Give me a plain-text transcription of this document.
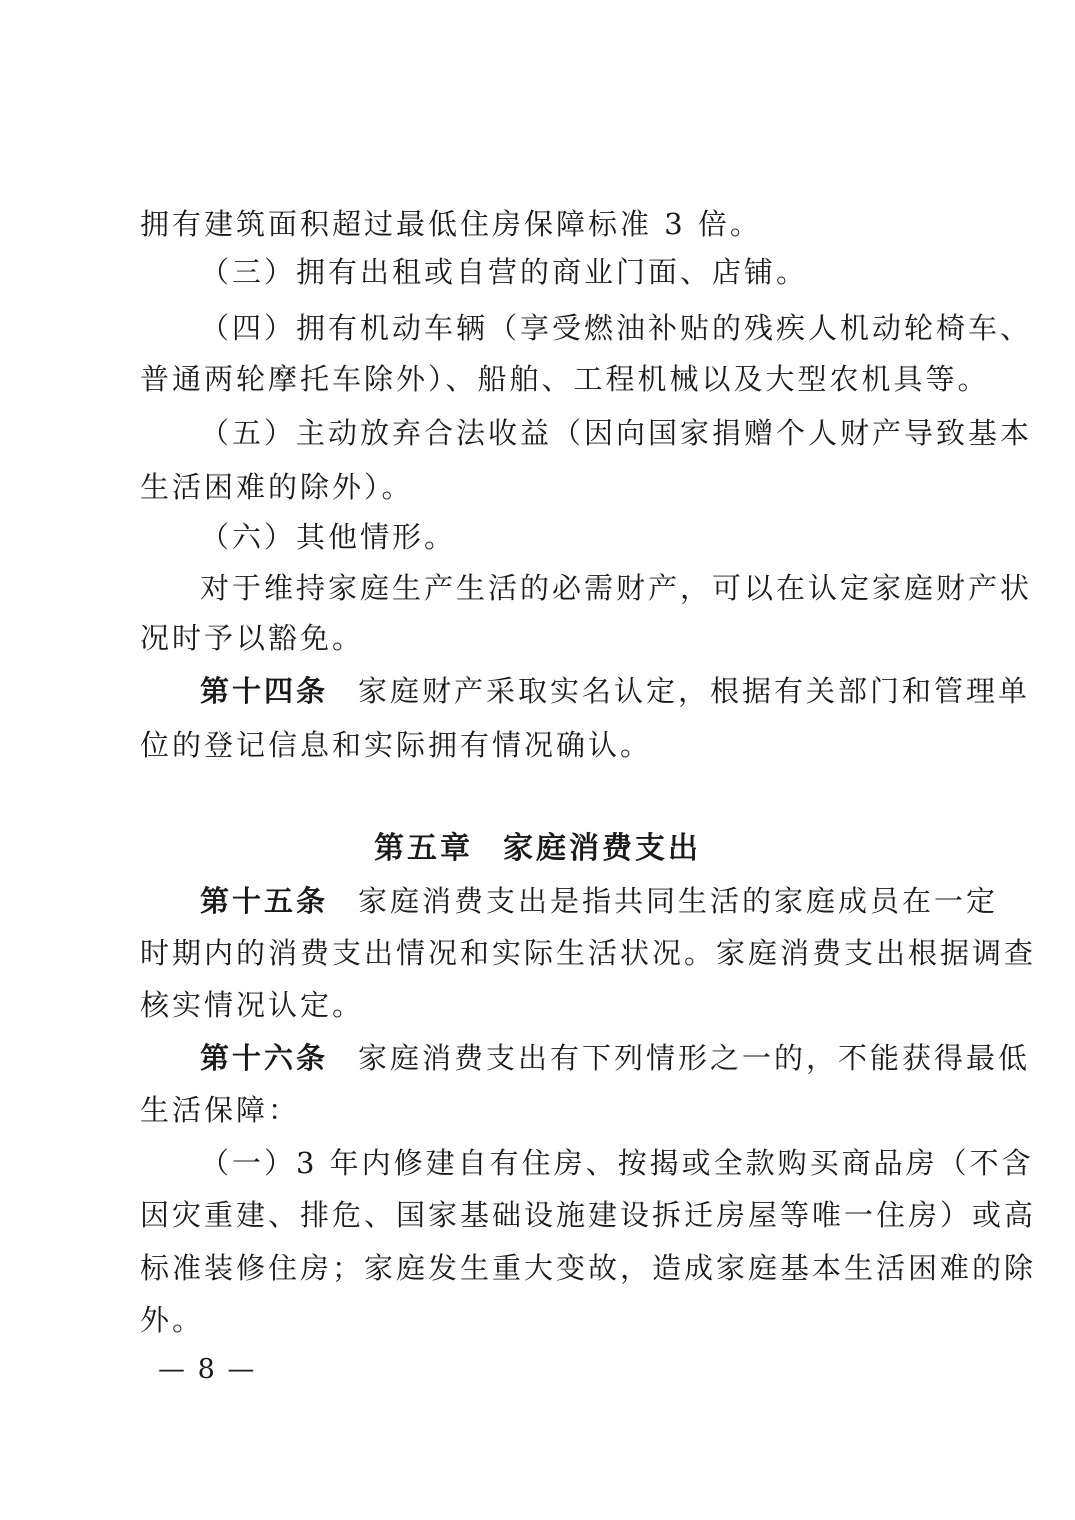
拥有建筑面积超过最低住房保障标准 3 倍。
（三）拥有出租或自营的商业门面、店铺。
（四）拥有机动车辆（享受燃油补贴的残疾人机动轮椅车、
普通两轮摩托车除外）、船舶、工程机械以及大型农机具等。
（五）主动放弃合法收益（因向国家捐赠个人财产导致基本
生活困难的除外）。
（六）其他情形。
对于维持家庭生产生活的必需财产，可以在认定家庭财产状
况时予以豁免。
第十四条 家庭财产采取实名认定，根据有关部门和管理单
位的登记信息和实际拥有情况确认。
第五章 家庭消费支出
第十五条 家庭消费支出是指共同生活的家庭成员在一定
时期内的消费支出情况和实际生活状况。家庭消费支出根据调查
核实情况认定。
第十六条 家庭消费支出有下列情形之一的，不能获得最低
生活保障：
（一）3 年内修建自有住房、按揭或全款购买商品房（不含
因灾重建、排危、国家基础设施建设拆迁房屋等唯一住房）或高
标准装修住房；家庭发生重大变故，造成家庭基本生活困难的除
外。
— 8 —
